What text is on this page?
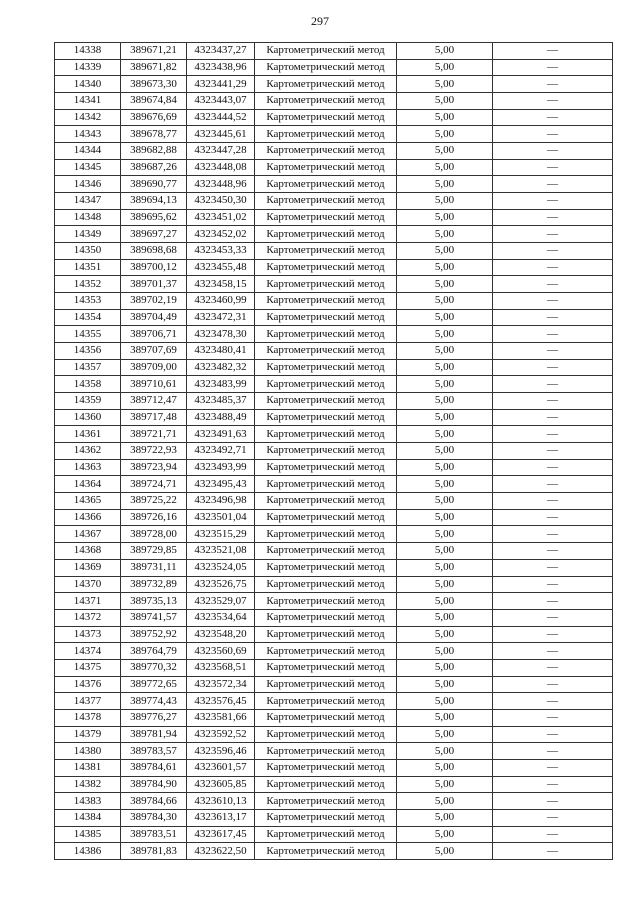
297
14338	389671,21	4323437,27	Картометрический метод	5,00	—
14339	389671,82	4323438,96	Картометрический метод	5,00	—
14340	389673,30	4323441,29	Картометрический метод	5,00	—
14341	389674,84	4323443,07	Картометрический метод	5,00	—
14342	389676,69	4323444,52	Картометрический метод	5,00	—
14343	389678,77	4323445,61	Картометрический метод	5,00	—
14344	389682,88	4323447,28	Картометрический метод	5,00	—
14345	389687,26	4323448,08	Картометрический метод	5,00	—
14346	389690,77	4323448,96	Картометрический метод	5,00	—
14347	389694,13	4323450,30	Картометрический метод	5,00	—
14348	389695,62	4323451,02	Картометрический метод	5,00	—
14349	389697,27	4323452,02	Картометрический метод	5,00	—
14350	389698,68	4323453,33	Картометрический метод	5,00	—
14351	389700,12	4323455,48	Картометрический метод	5,00	—
14352	389701,37	4323458,15	Картометрический метод	5,00	—
14353	389702,19	4323460,99	Картометрический метод	5,00	—
14354	389704,49	4323472,31	Картометрический метод	5,00	—
14355	389706,71	4323478,30	Картометрический метод	5,00	—
14356	389707,69	4323480,41	Картометрический метод	5,00	—
14357	389709,00	4323482,32	Картометрический метод	5,00	—
14358	389710,61	4323483,99	Картометрический метод	5,00	—
14359	389712,47	4323485,37	Картометрический метод	5,00	—
14360	389717,48	4323488,49	Картометрический метод	5,00	—
14361	389721,71	4323491,63	Картометрический метод	5,00	—
14362	389722,93	4323492,71	Картометрический метод	5,00	—
14363	389723,94	4323493,99	Картометрический метод	5,00	—
14364	389724,71	4323495,43	Картометрический метод	5,00	—
14365	389725,22	4323496,98	Картометрический метод	5,00	—
14366	389726,16	4323501,04	Картометрический метод	5,00	—
14367	389728,00	4323515,29	Картометрический метод	5,00	—
14368	389729,85	4323521,08	Картометрический метод	5,00	—
14369	389731,11	4323524,05	Картометрический метод	5,00	—
14370	389732,89	4323526,75	Картометрический метод	5,00	—
14371	389735,13	4323529,07	Картометрический метод	5,00	—
14372	389741,57	4323534,64	Картометрический метод	5,00	—
14373	389752,92	4323548,20	Картометрический метод	5,00	—
14374	389764,79	4323560,69	Картометрический метод	5,00	—
14375	389770,32	4323568,51	Картометрический метод	5,00	—
14376	389772,65	4323572,34	Картометрический метод	5,00	—
14377	389774,43	4323576,45	Картометрический метод	5,00	—
14378	389776,27	4323581,66	Картометрический метод	5,00	—
14379	389781,94	4323592,52	Картометрический метод	5,00	—
14380	389783,57	4323596,46	Картометрический метод	5,00	—
14381	389784,61	4323601,57	Картометрический метод	5,00	—
14382	389784,90	4323605,85	Картометрический метод	5,00	—
14383	389784,66	4323610,13	Картометрический метод	5,00	—
14384	389784,30	4323613,17	Картометрический метод	5,00	—
14385	389783,51	4323617,45	Картометрический метод	5,00	—
14386	389781,83	4323622,50	Картометрический метод	5,00	—
